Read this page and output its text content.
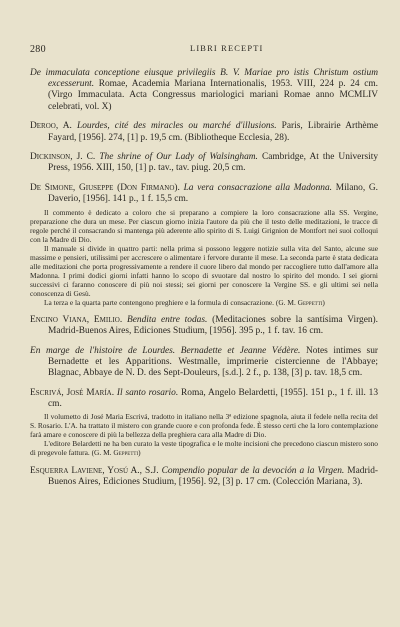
280	LIBRI RECEPTI
De immaculata conceptione eiusque privilegiis B. V. Mariae pro istis Christum ostium excesserunt. Romae, Academia Mariana Internationalis, 1953. VIII, 224 p. 24 cm. (Virgo Immaculata. Acta Congressus mariologici mariani Romae anno MCMLIV celebrati, vol. X)
Deroo, A. Lourdes, cité des miracles ou marché d'illusions. Paris, Librairie Arthème Fayard, [1956]. 274, [1] p. 19,5 cm. (Bibliotheque Ecclesia, 28).
Dickinson, J. C. The shrine of Our Lady of Walsingham. Cambridge, At the University Press, 1956. XIII, 150, [1] p. tav., tav. piug. 20,5 cm.
De Simone, Giuseppe (Don Firmano). La vera consacrazione alla Madonna. Milano, G. Daverio, [1956]. 141 p., 1 f. 15,5 cm.

Il commento è dedicato a coloro che si preparano a compiere la loro consacrazione alla SS. Vergine, preparazione che dura un mese. Per ciascun giorno inizia l'autore da più che il testo delle meditazioni, le tracce di regole perché il consacrando si mantenga più aderente allo spirito di S. Luigi Grignion de Montfort nei suoi colloqui con la Madre di Dio.

Il manuale si divide in quattro parti: nella prima si possono leggere notizie sulla vita del Santo, alcune sue massime e pensieri, utilissimi per accrescere o alimentare i fervore durante il mese. La seconda parte è stata dedicata alle meditazioni che porta progressivamente a rendere il cuore libero dal mondo per raccogliere tutto dall'amore alla Madonna. I primi dodici giorni infatti hanno lo scopo di svuotare dal nostro lo spirito del mondo. I sei giorni successivi ci faranno conoscere di più noi stessi; sei giorni per conoscere la Vergine SS. e gli ultimi sei nella conoscenza di Gesù.

La terza e la quarta parte contengono preghiere e la formula di consacrazione. (G. M. Geppetti)

Encino Viana, Emilio. Bendita entre todas. (Meditaciones sobre la santísima Virgen). Madrid-Buenos Aires, Ediciones Studium, [1956]. 395 p., 1 f. tav. 16 cm.
En marge de l'histoire de Lourdes. Bernadette et Jeanne Védère. Notes intimes sur Bernadette et les Apparitions. Westmalle, imprimerie cistercienne de l'Abbaye; Blagnac, Abbaye de N. D. des Sept-Douleurs, [s.d.]. 2 f., p. 138, [3] p. tav. 18,5 cm.
Escrivá, José María. Il santo rosario. Roma, Angelo Belardetti, [1955]. 151 p., 1 f. ill. 13 cm.

Il volumetto di José Maria Escrivá, tradotto in italiano nella 3ª edizione spagnola, aiuta il fedele nella recita del S. Rosario. L'A. ha trattato il mistero con grande cuore e con profonda fede. È stesso certi che la loro contemplazione farà amare e conoscere di più la bellezza della preghiera cara alla Madre di Dio.

L'editore Belardetti ne ha ben curato la veste tipografica e le molte incisioni che precedono ciascun mistero sono di pregevole fattura. (G. M. Geppetti)

Esquerra Laviene, Yosú A., S.J. Compendio popular de la devoción a la Virgen. Madrid-Buenos Aires, Ediciones Studium, [1956]. 92, [3] p. 17 cm. (Colección Mariana, 3).
